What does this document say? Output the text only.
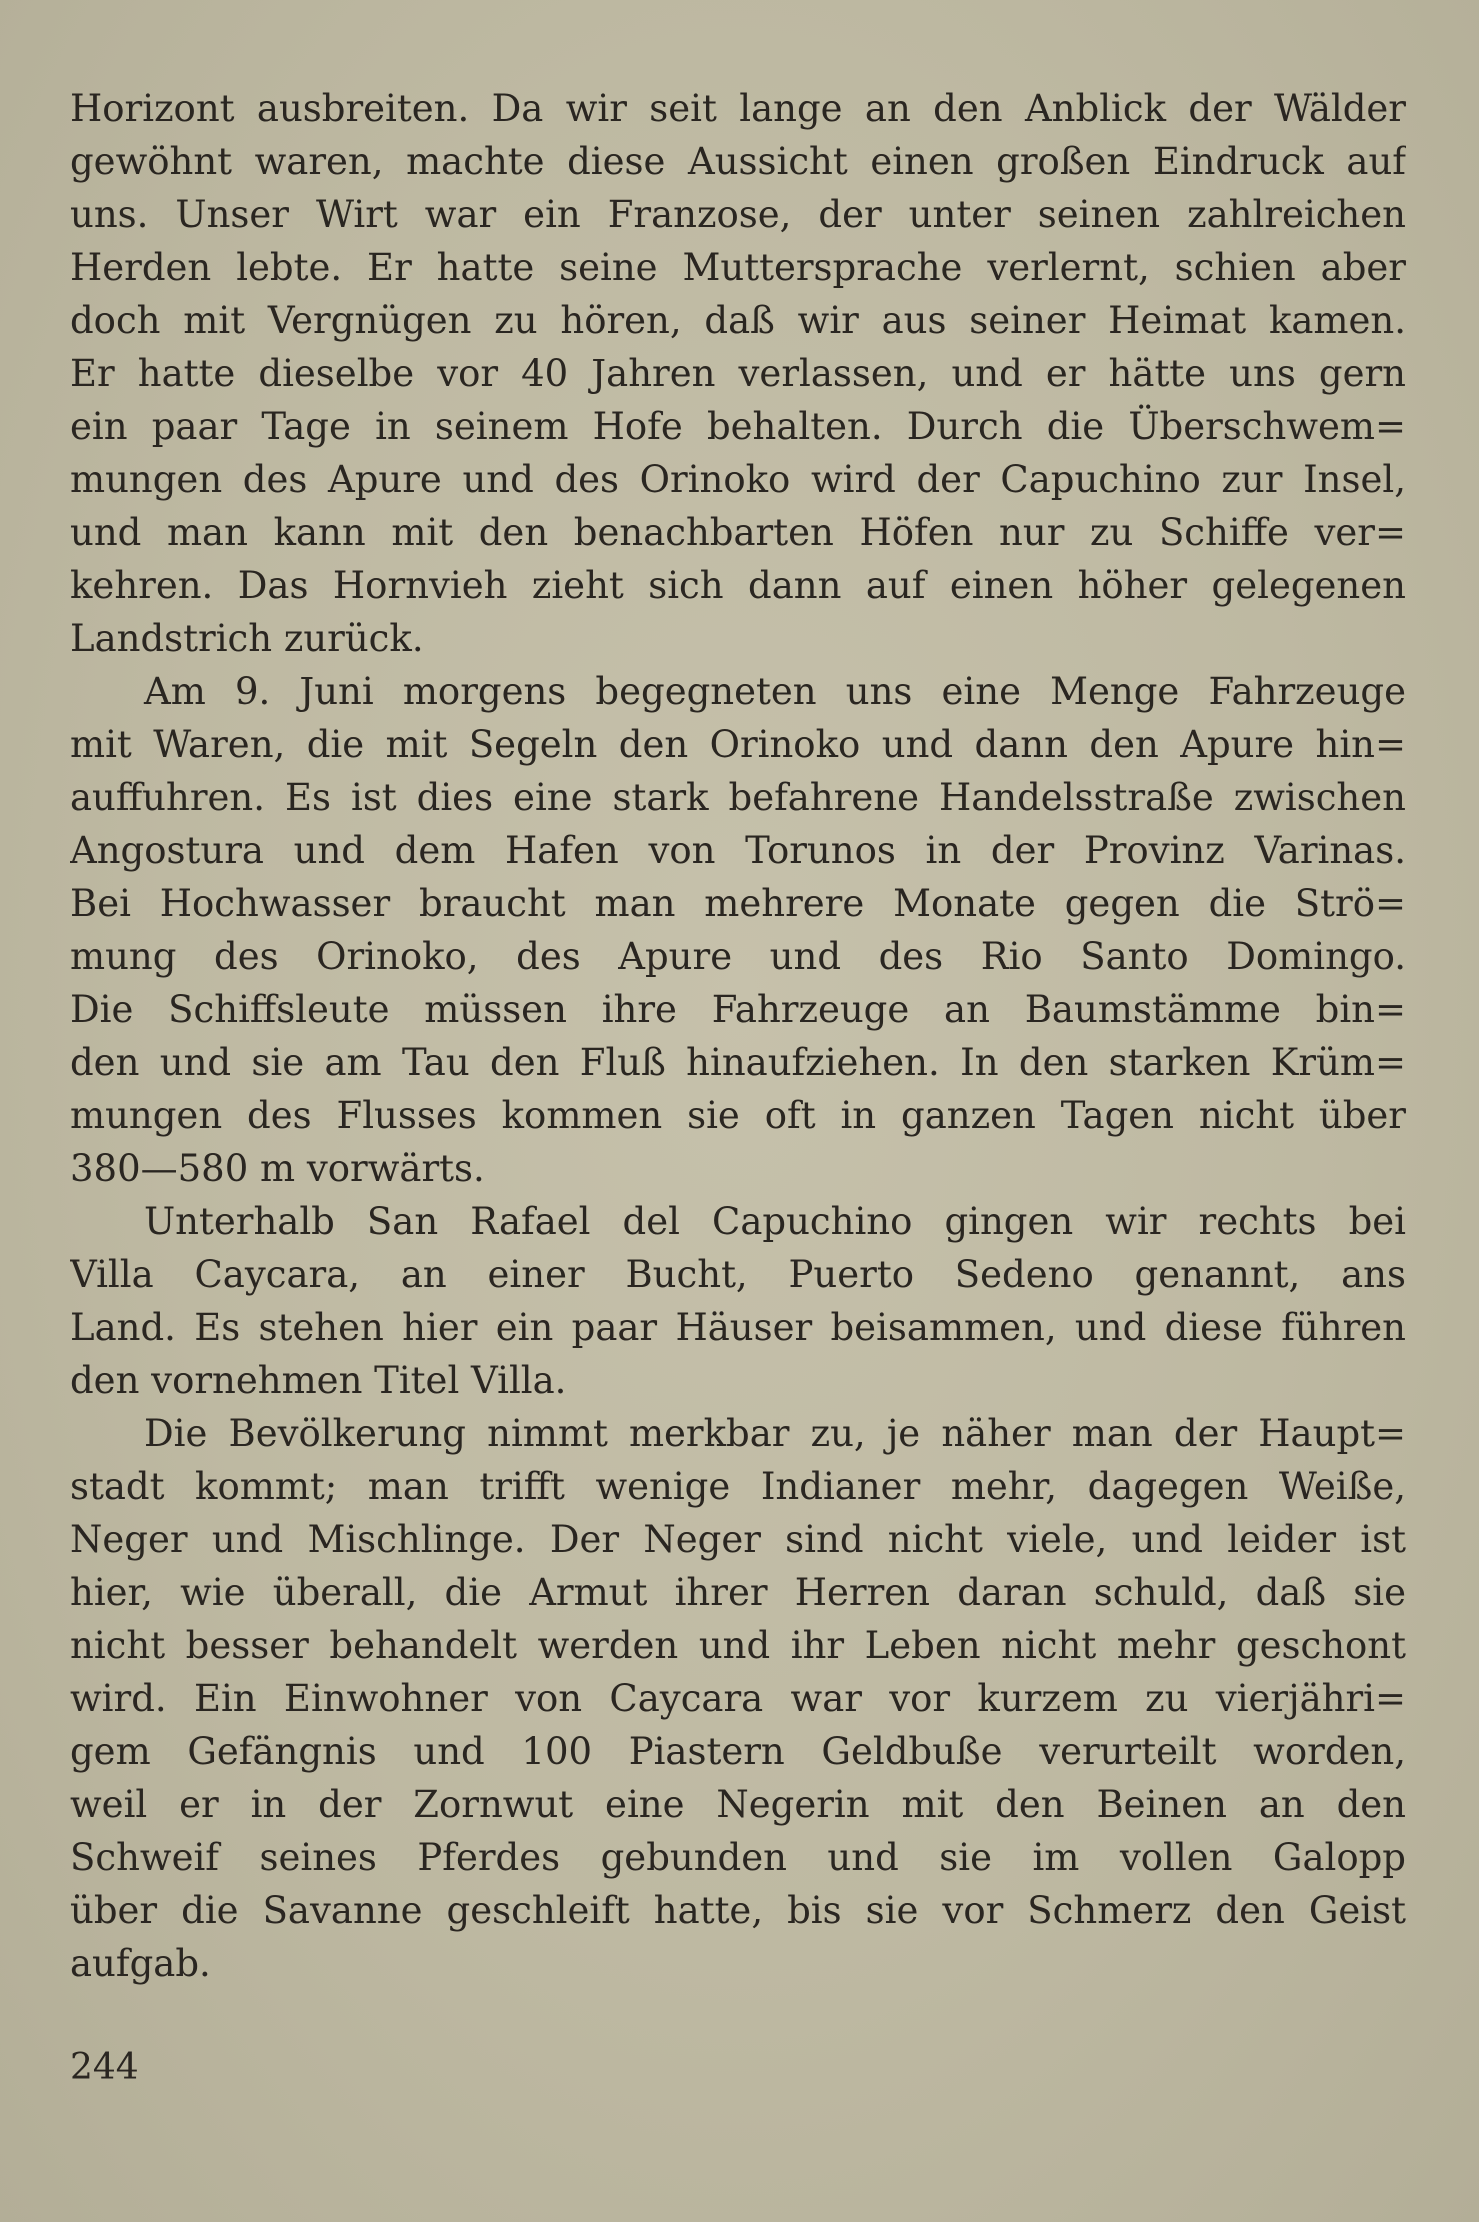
Horizont ausbreiten. Da wir seit lange an den Anblick der Wälder
gewöhnt waren, machte diese Aussicht einen großen Eindruck auf
uns. Unser Wirt war ein Franzose, der unter seinen zahlreichen
Herden lebte. Er hatte seine Muttersprache verlernt, schien aber
doch mit Vergnügen zu hören, daß wir aus seiner Heimat kamen.
Er hatte dieselbe vor 40 Jahren verlassen, und er hätte uns gern
ein paar Tage in seinem Hofe behalten. Durch die Überschwem=
mungen des Apure und des Orinoko wird der Capuchino zur Insel,
und man kann mit den benachbarten Höfen nur zu Schiffe ver=
kehren. Das Hornvieh zieht sich dann auf einen höher gelegenen
Landstrich zurück.
Am 9. Juni morgens begegneten uns eine Menge Fahrzeuge
mit Waren, die mit Segeln den Orinoko und dann den Apure hin=
auffuhren. Es ist dies eine stark befahrene Handelsstraße zwischen
Angostura und dem Hafen von Torunos in der Provinz Varinas.
Bei Hochwasser braucht man mehrere Monate gegen die Strö=
mung des Orinoko, des Apure und des Rio Santo Domingo.
Die Schiffsleute müssen ihre Fahrzeuge an Baumstämme bin=
den und sie am Tau den Fluß hinaufziehen. In den starken Krüm=
mungen des Flusses kommen sie oft in ganzen Tagen nicht über
380—580 m vorwärts.
Unterhalb San Rafael del Capuchino gingen wir rechts bei
Villa Caycara, an einer Bucht, Puerto Sedeno genannt, ans
Land. Es stehen hier ein paar Häuser beisammen, und diese führen
den vornehmen Titel Villa.
Die Bevölkerung nimmt merkbar zu, je näher man der Haupt=
stadt kommt; man trifft wenige Indianer mehr, dagegen Weiße,
Neger und Mischlinge. Der Neger sind nicht viele, und leider ist
hier, wie überall, die Armut ihrer Herren daran schuld, daß sie
nicht besser behandelt werden und ihr Leben nicht mehr geschont
wird. Ein Einwohner von Caycara war vor kurzem zu vierjähri=
gem Gefängnis und 100 Piastern Geldbuße verurteilt worden,
weil er in der Zornwut eine Negerin mit den Beinen an den
Schweif seines Pferdes gebunden und sie im vollen Galopp
über die Savanne geschleift hatte, bis sie vor Schmerz den Geist
aufgab.
244
